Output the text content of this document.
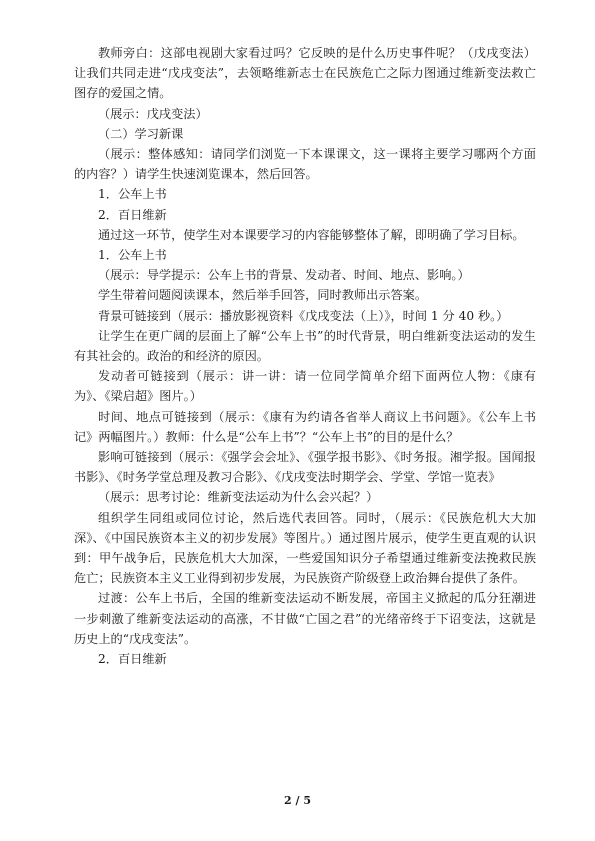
教师旁白：这部电视剧大家看过吗？它反映的是什么历史事件呢？（戊戌变法）让我们共同走进“戊戌变法”，去领略维新志士在民族危亡之际力图通过维新变法救亡图存的爱国之情。

（展示：戊戌变法）

（二）学习新课

（展示：整体感知：请同学们浏览一下本课课文，这一课将主要学习哪两个方面的内容？）请学生快速浏览课本，然后回答。

1．公车上书

2．百日维新

通过这一环节，使学生对本课要学习的内容能够整体了解，即明确了学习目标。

1．公车上书

（展示：导学提示：公车上书的背景、发动者、时间、地点、影响。）

学生带着问题阅读课本，然后举手回答，同时教师出示答案。

背景可链接到（展示：播放影视资料《戊戌变法（上）》，时间 1 分 40 秒。）

让学生在更广阔的层面上了解“公车上书”的时代背景，明白维新变法运动的发生有其社会的。政治的和经济的原因。

发动者可链接到（展示：讲一讲：请一位同学简单介绍下面两位人物：《康有为》、《梁启超》图片。）

时间、地点可链接到（展示：《康有为约请各省举人商议上书问题》。《公车上书记》两幅图片。）教师：什么是“公车上书”？“公车上书”的目的是什么？

影响可链接到（展示：《强学会会址》、《强学报书影》、《时务报。湘学报。国闻报书影》、《时务学堂总理及教习合影》、《戊戌变法时期学会、学堂、学馆一览表》

（展示：思考讨论：维新变法运动为什么会兴起？）

组织学生同组或同位讨论，然后选代表回答。同时，（展示：《民族危机大大加深》、《中国民族资本主义的初步发展》等图片。）通过图片展示，使学生更直观的认识到：甲午战争后，民族危机大大加深，一些爱国知识分子希望通过维新变法挽救民族危亡；民族资本主义工业得到初步发展，为民族资产阶级登上政治舞台提供了条件。

过渡：公车上书后，全国的维新变法运动不断发展，帝国主义掀起的瓜分狂潮进一步刺激了维新变法运动的高涨，不甘做“亡国之君”的光绪帝终于下诏变法，这就是历史上的“戊戌变法”。

2．百日维新

2 / 5
